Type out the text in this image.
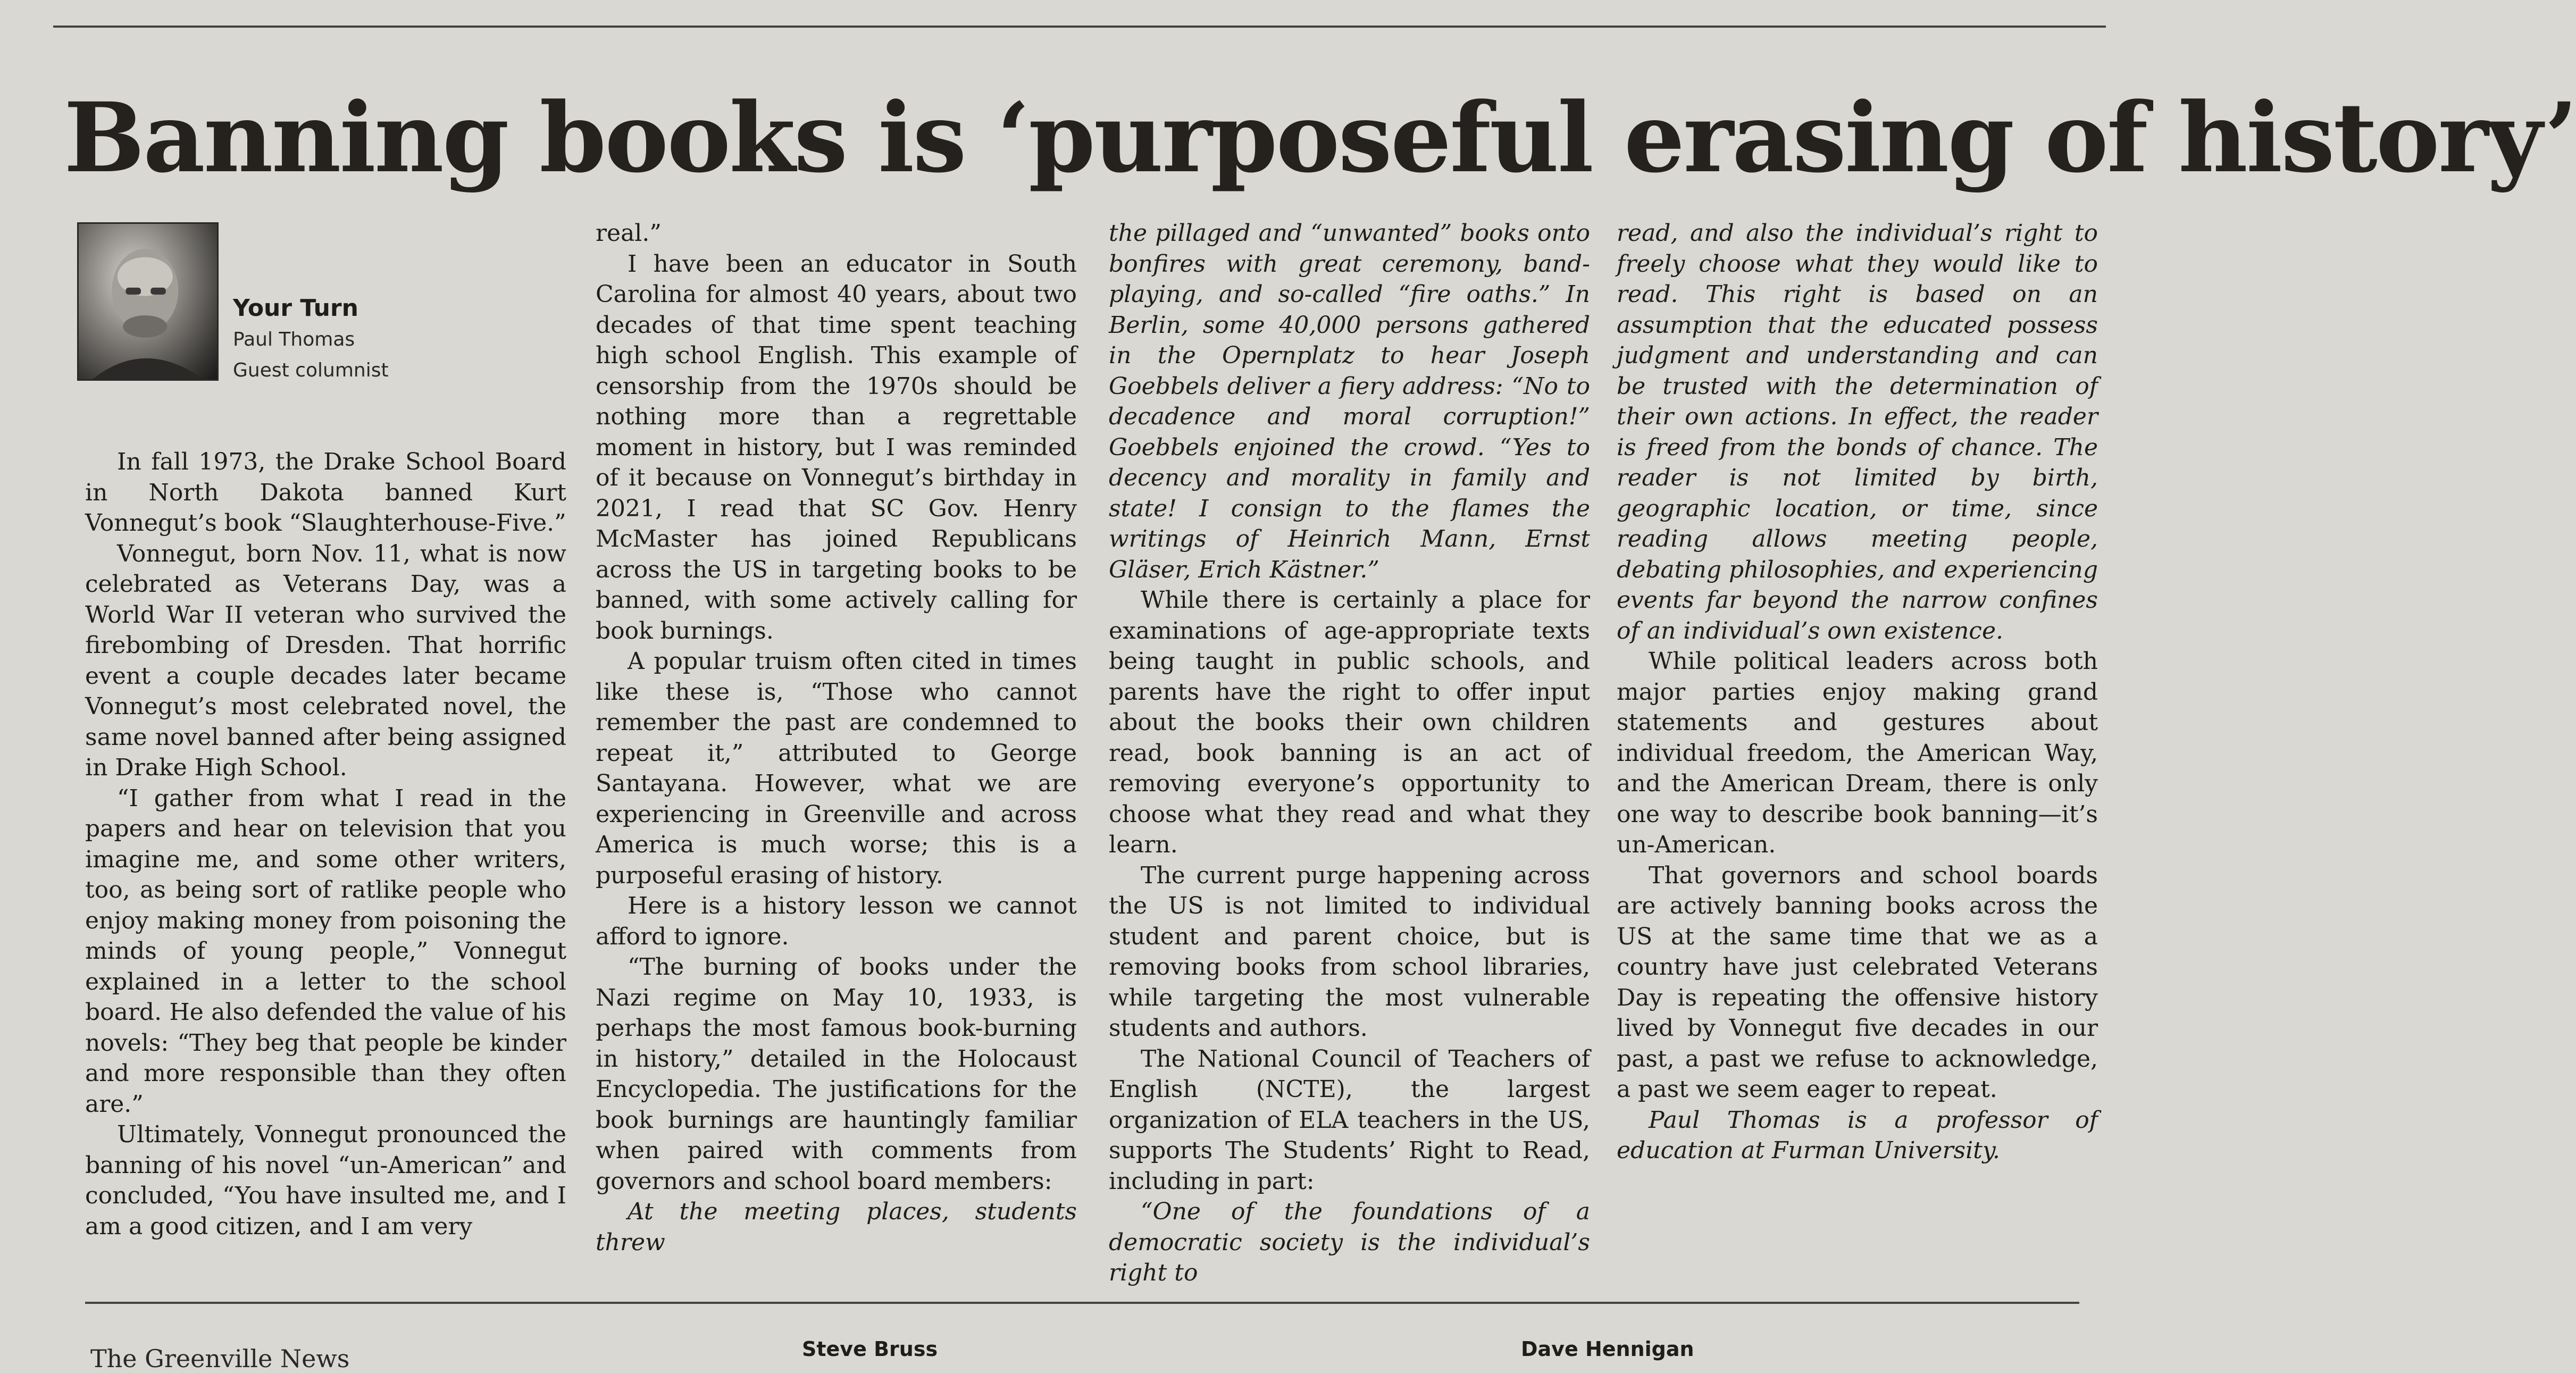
Banning books is ‘purposeful erasing of history’
Your Turn
Paul Thomas
Guest columnist

In fall 1973, the Drake School Board in North Dakota banned Kurt Vonnegut’s book “Slaughterhouse-Five.”

Vonnegut, born Nov. 11, what is now celebrated as Veterans Day, was a World War II veteran who survived the firebombing of Dresden. That horrific event a couple decades later became Vonnegut’s most celebrated novel, the same novel banned after being assigned in Drake High School.

“I gather from what I read in the papers and hear on television that you imagine me, and some other writers, too, as being sort of ratlike people who enjoy making money from poisoning the minds of young people,” Vonnegut explained in a letter to the school board. He also defended the value of his novels: “They beg that people be kinder and more responsible than they often are.”

Ultimately, Vonnegut pronounced the banning of his novel “un-American” and concluded, “You have insulted me, and I am a good citizen, and I am very

real.”

I have been an educator in South Carolina for almost 40 years, about two decades of that time spent teaching high school English. This example of censorship from the 1970s should be nothing more than a regrettable moment in history, but I was reminded of it because on Vonnegut’s birthday in 2021, I read that SC Gov. Henry McMaster has joined Republicans across the US in targeting books to be banned, with some actively calling for book burnings.

A popular truism often cited in times like these is, “Those who cannot remember the past are condemned to repeat it,” attributed to George Santayana. However, what we are experiencing in Greenville and across America is much worse; this is a purposeful erasing of history.

Here is a history lesson we cannot afford to ignore.

“The burning of books under the Nazi regime on May 10, 1933, is perhaps the most famous book-burning in history,” detailed in the Holocaust Encyclopedia. The justifications for the book burnings are hauntingly familiar when paired with comments from governors and school board members:

At the meeting places, students threw

the pillaged and “unwanted” books onto bonfires with great ceremony, band-playing, and so-called “fire oaths.” In Berlin, some 40,000 persons gathered in the Opernplatz to hear Joseph Goebbels deliver a fiery address: “No to decadence and moral corruption!” Goebbels enjoined the crowd. “Yes to decency and morality in family and state! I consign to the flames the writings of Heinrich Mann, Ernst Gläser, Erich Kästner.”

While there is certainly a place for examinations of age-appropriate texts being taught in public schools, and parents have the right to offer input about the books their own children read, book banning is an act of removing everyone’s opportunity to choose what they read and what they learn.

The current purge happening across the US is not limited to individual student and parent choice, but is removing books from school libraries, while targeting the most vulnerable students and authors.

The National Council of Teachers of English (NCTE), the largest organization of ELA teachers in the US, supports The Students’ Right to Read, including in part:

“One of the foundations of a democratic society is the individual’s right to

read, and also the individual’s right to freely choose what they would like to read. This right is based on an assumption that the educated possess judgment and understanding and can be trusted with the determination of their own actions. In effect, the reader is freed from the bonds of chance. The reader is not limited by birth, geographic location, or time, since reading allows meeting people, debating philosophies, and experiencing events far beyond the narrow confines of an individual’s own existence.

While political leaders across both major parties enjoy making grand statements and gestures about individual freedom, the American Way, and the American Dream, there is only one way to describe book banning—it’s un-American.

That governors and school boards are actively banning books across the US at the same time that we as a country have just celebrated Veterans Day is repeating the offensive history lived by Vonnegut five decades in our past, a past we refuse to acknowledge, a past we seem eager to repeat.

Paul Thomas is a professor of education at Furman University.

The Greenville News	Steve Bruss	Dave Hennigan
